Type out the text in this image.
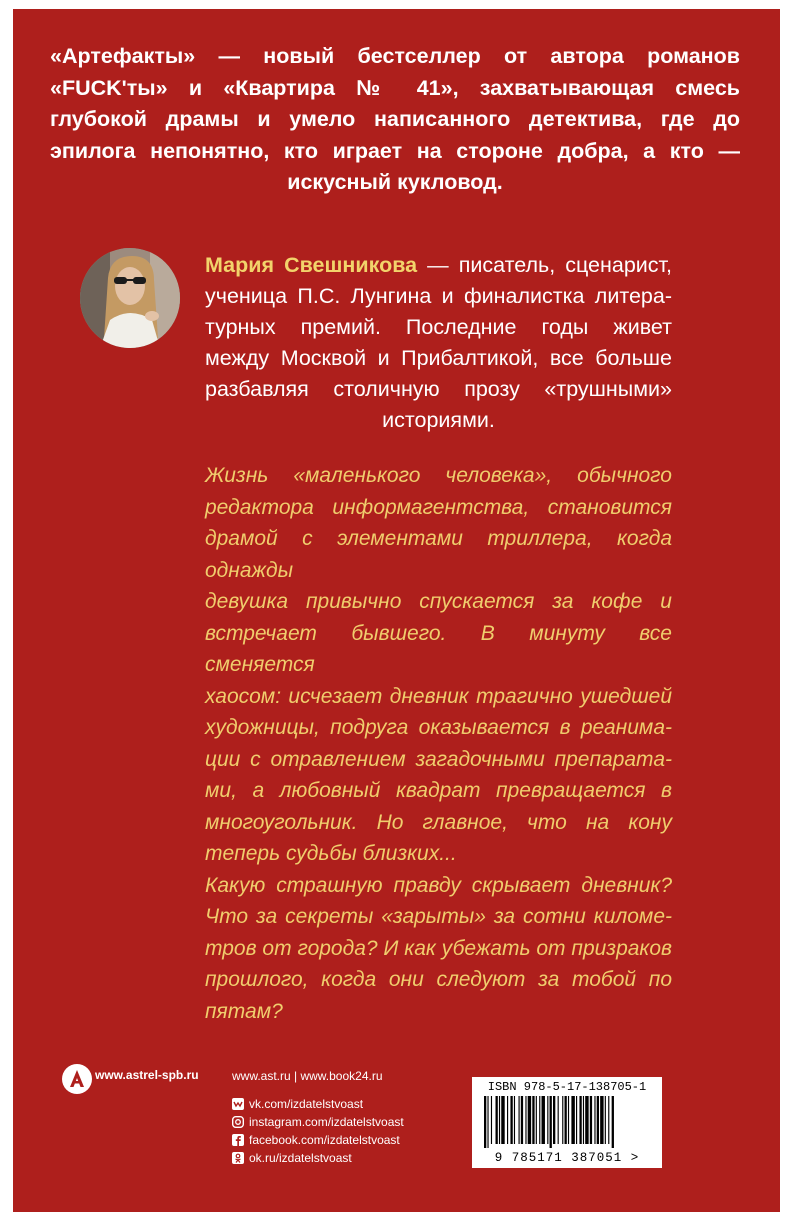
«Артефакты» — новый бестселлер от автора романов
«FUCK'ты» и «Квартира № 41», захватывающая смесь
глубокой драмы и умело написанного детектива, где до
эпилога непонятно, кто играет на стороне добра, а кто —
искусный кукловод.
Мария Свешникова — писатель, сценарист,
ученица П.С. Лунгина и финалистка литера-
турных премий. Последние годы живет
между Москвой и Прибалтикой, все больше
разбавляя столичную прозу «трушными»
историями.
Жизнь «маленького человека», обычного
редактора информагентства, становится
драмой с элементами триллера, когда однажды
девушка привычно спускается за кофе и
встречает бывшего. В минуту все сменяется
хаосом: исчезает дневник трагично ушедшей
художницы, подруга оказывается в реанима-
ции с отравлением загадочными препарата-
ми, а любовный квадрат превращается в
многоугольник. Но главное, что на кону
теперь судьбы близких...
Какую страшную правду скрывает дневник?
Что за секреты «зарыты» за сотни киломе-
тров от города? И как убежать от призраков
прошлого, когда они следуют за тобой по
пятам?
www.astrel-spb.ru	www.ast.ru | www.book24.ru
vk.com/izdatelstvoast
instagram.com/izdatelstvoast
facebook.com/izdatelstvoast
ok.ru/izdatelstvoast
ISBN 978-5-17-138705-1
9 785171 387051 >
